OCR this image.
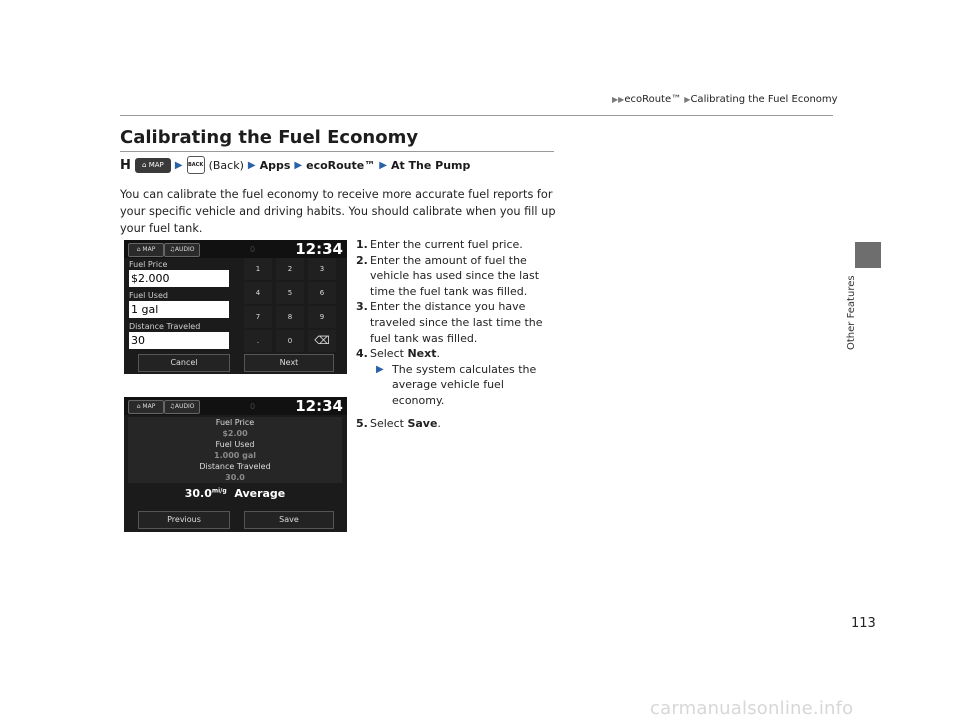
▶▶ecoRoute™ ▶Calibrating the Fuel Economy
Other Features
Calibrating the Fuel Economy
H	⌂ MAP	▶ BACK (Back) ▶ Apps ▶ ecoRoute™ ▶ At The Pump
You can calibrate the fuel economy to receive more accurate fuel reports for your specific vehicle and driving habits. You should calibrate when you fill up your fuel tank.
⌂ MAP	♫AUDIO	0	12:34
Fuel Price
$2.000
Fuel Used
1 gal
Distance Traveled
30
1	2	3
4	5	6
7	8	9
.	0	⌫
Cancel	Next
⌂ MAP	♫AUDIO	0	12:34
Fuel Price
$2.00
Fuel Used
1.000 gal
Distance Traveled
30.0
$30.0^{mi/g}$ Average
Previous	Save
1. Enter the current fuel price.
2. Enter the amount of fuel the vehicle has used since the last time the fuel tank was filled.
3. Enter the distance you have traveled since the last time the fuel tank was filled.
4. Select Next.
▶ The system calculates the average vehicle fuel economy.
5. Select Save.
113
carmanualsonline.info
